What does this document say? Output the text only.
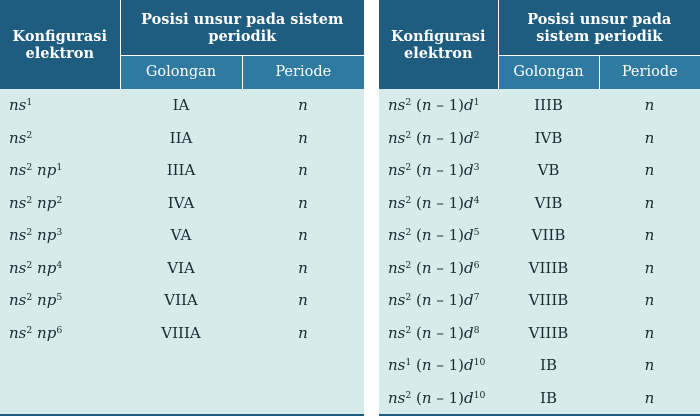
Konfigurasi elektron	Posisi unsur pada sistem periodik	
	Golongan	Periode
$ns^1$	IA	n
$ns^2$	IIA	n
$ns^2$ $np^1$	IIIA	n
$ns^2$ $np^2$	IVA	n
$ns^2$ $np^3$	VA	n
$ns^2$ $np^4$	VIA	n
$ns^2$ $np^5$	VIIA	n
$ns^2$ $np^6$	VIIIA	n

Konfigurasi elektron	Posisi unsur pada sistem periodik	
	Golongan	Periode
$ns^2$ $(n - 1)d^1$	IIIB	n
$ns^2$ $(n - 1)d^2$	IVB	n
$ns^2$ $(n - 1)d^3$	VB	n
$ns^2$ $(n - 1)d^4$	VIB	n
$ns^2$ $(n - 1)d^5$	VIIB	n
$ns^2$ $(n - 1)d^6$	VIIIB	n
$ns^2$ $(n - 1)d^7$	VIIIB	n
$ns^2$ $(n - 1)d^8$	VIIIB	n
$ns^1$ $(n - 1)d^{10}$	IB	n
$ns^2$ $(n - 1)d^{10}$	IB	n
